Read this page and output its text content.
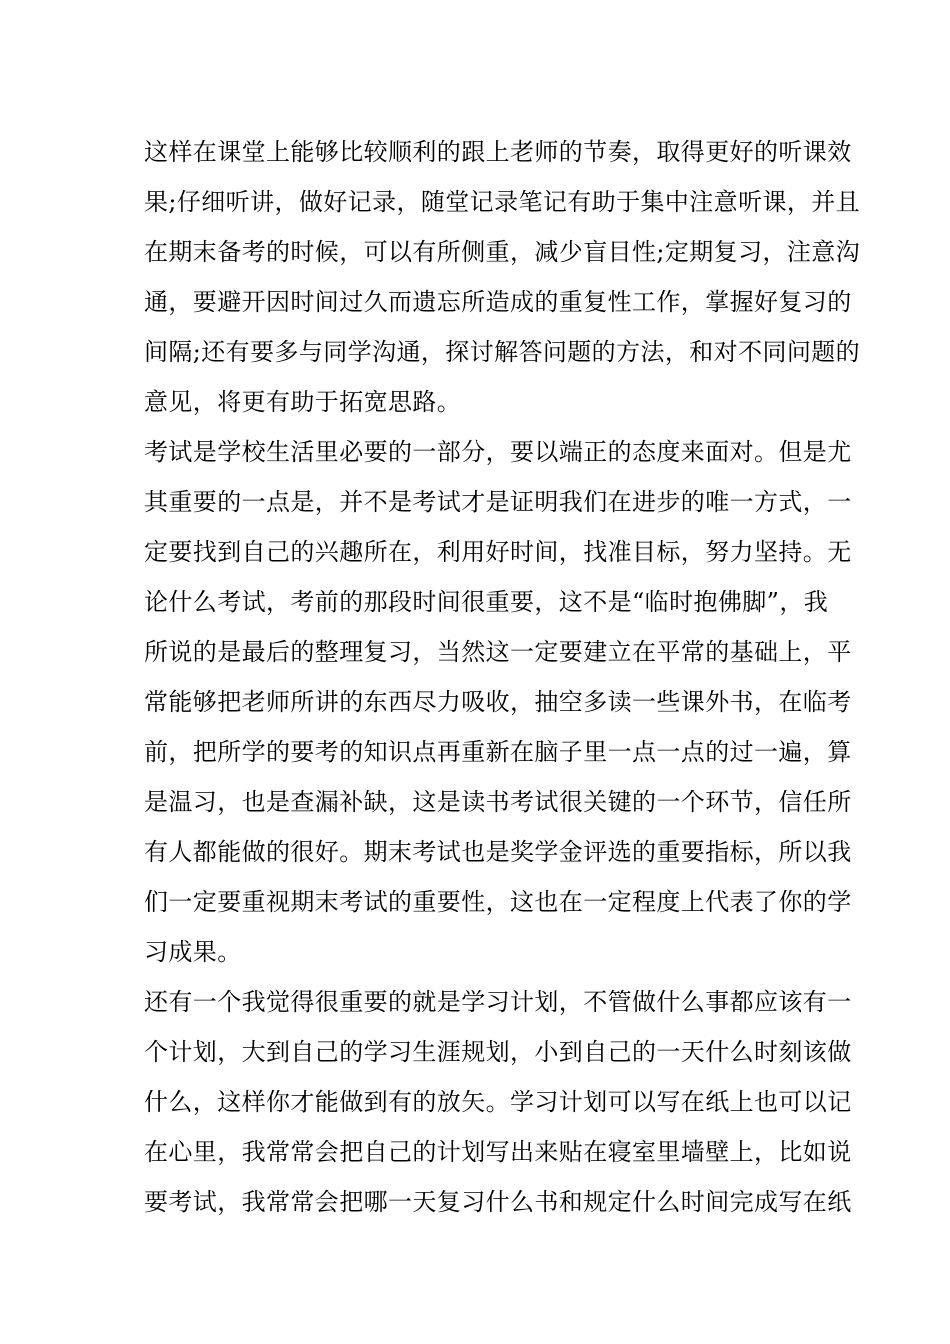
这样在课堂上能够比较顺利的跟上老师的节奏，取得更好的听课效

果;仔细听讲，做好记录，随堂记录笔记有助于集中注意听课，并且

在期末备考的时候，可以有所侧重，减少盲目性;定期复习，注意沟

通，要避开因时间过久而遗忘所造成的重复性工作，掌握好复习的

间隔;还有要多与同学沟通，探讨解答问题的方法，和对不同问题的

意见，将更有助于拓宽思路。

考试是学校生活里必要的一部分，要以端正的态度来面对。但是尤

其重要的一点是，并不是考试才是证明我们在进步的唯一方式，一

定要找到自己的兴趣所在，利用好时间，找准目标，努力坚持。无

论什么考试，考前的那段时间很重要，这不是“临时抱佛脚”，我

所说的是最后的整理复习，当然这一定要建立在平常的基础上，平

常能够把老师所讲的东西尽力吸收，抽空多读一些课外书，在临考

前，把所学的要考的知识点再重新在脑子里一点一点的过一遍，算

是温习，也是查漏补缺，这是读书考试很关键的一个环节，信任所

有人都能做的很好。期末考试也是奖学金评选的重要指标，所以我

们一定要重视期末考试的重要性，这也在一定程度上代表了你的学

习成果。

还有一个我觉得很重要的就是学习计划，不管做什么事都应该有一

个计划，大到自己的学习生涯规划，小到自己的一天什么时刻该做

什么，这样你才能做到有的放矢。学习计划可以写在纸上也可以记

在心里，我常常会把自己的计划写出来贴在寝室里墙壁上，比如说

要考试，我常常会把哪一天复习什么书和规定什么时间完成写在纸
